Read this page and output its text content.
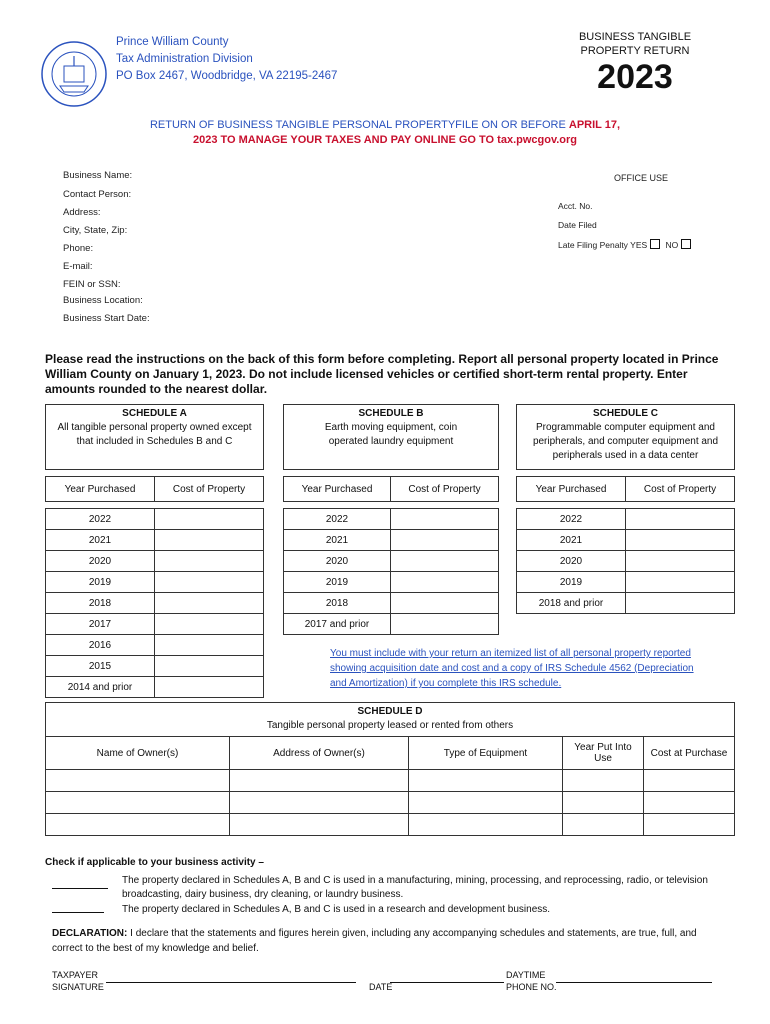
Prince William County
Tax Administration Division
PO Box 2467, Woodbridge, VA 22195-2467
BUSINESS TANGIBLE
PROPERTY RETURN
2023
RETURN OF BUSINESS TANGIBLE PERSONAL PROPERTYFILE ON OR BEFORE APRIL 17,
2023 TO MANAGE YOUR TAXES AND PAY ONLINE GO TO tax.pwcgov.org
Business Name:
Contact Person:
Address:
City, State, Zip:
Phone:
E-mail:
FEIN or SSN:
Business Location:
Business Start Date:
OFFICE USE
Acct. No.
Date Filed
Late Filing Penalty YES NO
Please read the instructions on the back of this form before completing. Report all personal property located in Prince William County on January 1, 2023. Do not include licensed vehicles or certified short-term rental property. Enter amounts rounded to the nearest dollar.
SCHEDULE A
All tangible personal property owned except that included in Schedules B and C
Year Purchased	Cost of Property

2022	
2021	
2020	
2019	
2018	
2017	
2016	
2015	
2014 and prior	
SCHEDULE B
Earth moving equipment, coin operated laundry equipment
Year Purchased	Cost of Property

2022	
2021	
2020	
2019	
2018	
2017 and prior	
SCHEDULE C
Programmable computer equipment and peripherals, and computer equipment and peripherals used in a data center
Year Purchased	Cost of Property

2022	
2021	
2020	
2019	
2018 and prior	
You must include with your return an itemized list of all personal property reported showing acquisition date and cost and a copy of IRS Schedule 4562 (Depreciation and Amortization) if you complete this IRS schedule.
SCHEDULE D
Tangible personal property leased or rented from others
Name of Owner(s)	Address of Owner(s)	Type of Equipment	Year Put Into Use	Cost at Purchase

Check if applicable to your business activity –
The property declared in Schedules A, B and C is used in a manufacturing, mining, processing, and reprocessing, radio, or television broadcasting, dairy business, dry cleaning, or laundry business.
The property declared in Schedules A, B and C is used in a research and development business.
DECLARATION: I declare that the statements and figures herein given, including any accompanying schedules and statements, are true, full, and correct to the best of my knowledge and belief.
TAXPAYER
SIGNATURE	DATE
DAYTIME
PHONE NO.
